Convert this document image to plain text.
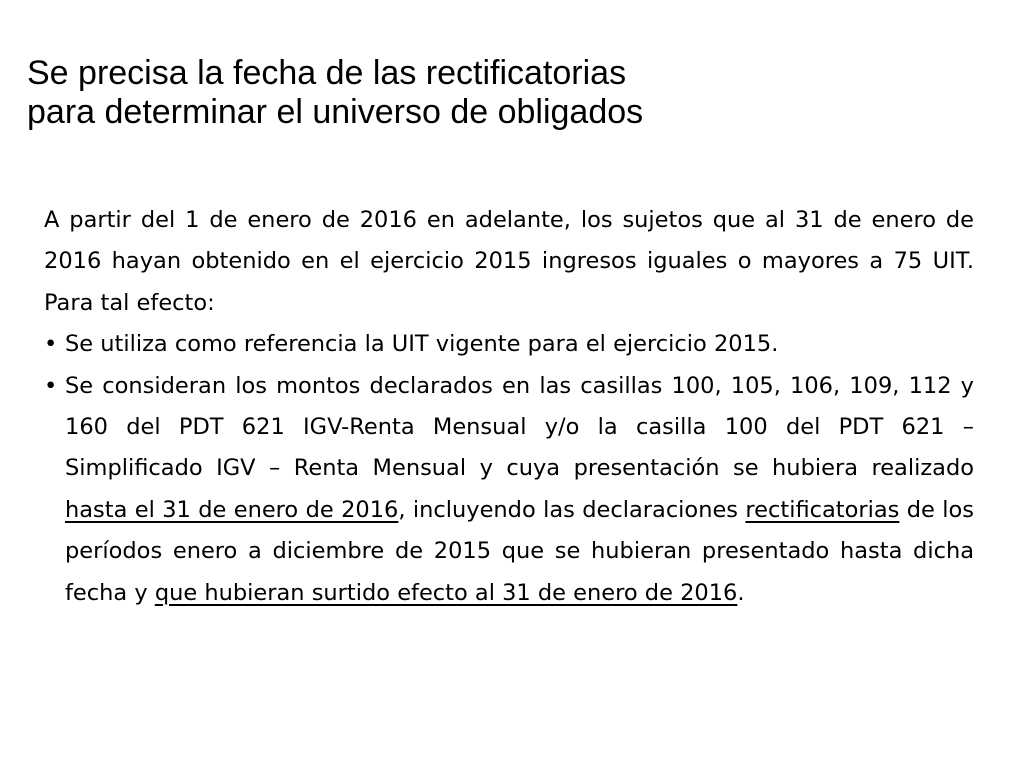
Se precisa la fecha de las rectificatorias
para determinar el universo de obligados

A partir del 1 de enero de 2016 en adelante, los sujetos que al 31 de enero de 2016 hayan obtenido en el ejercicio 2015 ingresos iguales o mayores a 75 UIT. Para tal efecto:

• Se utiliza como referencia la UIT vigente para el ejercicio 2015.

• Se consideran los montos declarados en las casillas 100, 105, 106, 109, 112 y 160 del PDT 621 IGV-Renta Mensual y/o la casilla 100 del PDT 621 – Simplificado IGV – Renta Mensual y cuya presentación se hubiera realizado hasta el 31 de enero de 2016, incluyendo las declaraciones rectificatorias de los períodos enero a diciembre de 2015 que se hubieran presentado hasta dicha fecha y que hubieran surtido efecto al 31 de enero de 2016.
